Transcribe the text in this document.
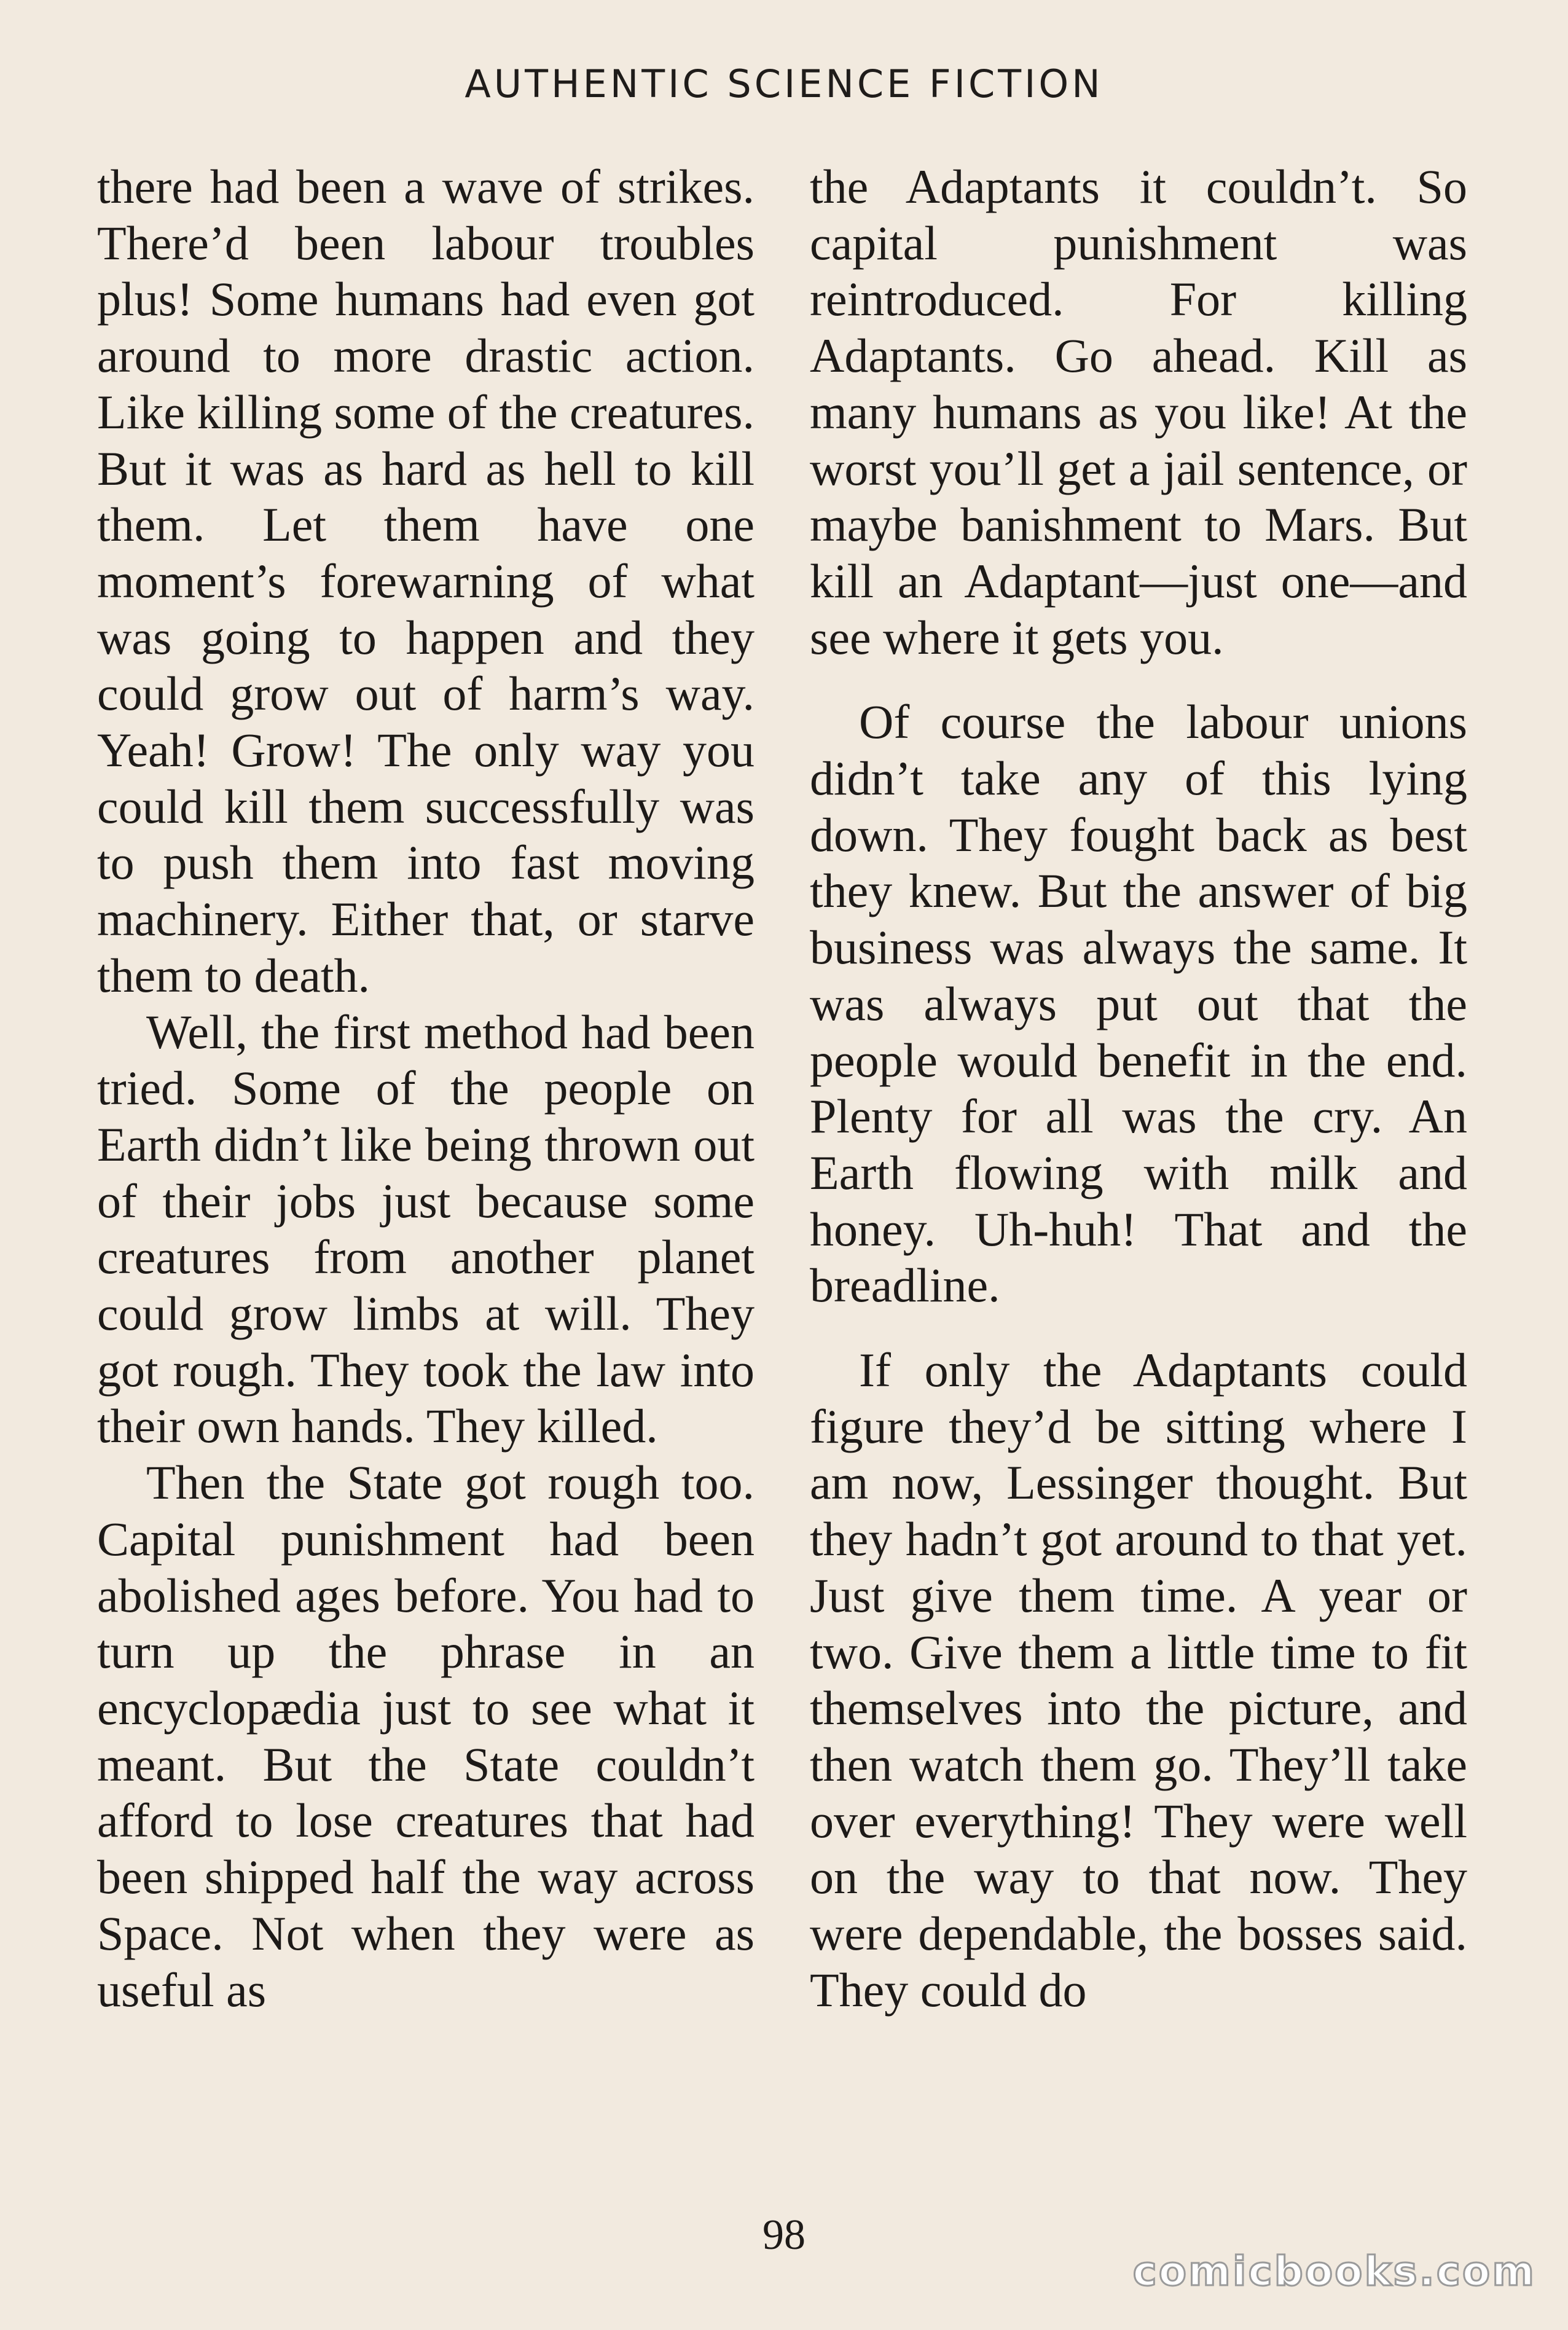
AUTHENTIC SCIENCE FICTION

there had been a wave of strikes. There’d been labour troubles plus! Some humans had even got around to more drastic action. Like killing some of the creatures. But it was as hard as hell to kill them. Let them have one moment’s forewarning of what was going to happen and they could grow out of harm’s way. Yeah! Grow! The only way you could kill them successfully was to push them into fast moving machinery. Either that, or starve them to death.

Well, the first method had been tried. Some of the people on Earth didn’t like being thrown out of their jobs just because some creatures from another planet could grow limbs at will. They got rough. They took the law into their own hands. They killed.

Then the State got rough too. Capital punishment had been abolished ages before. You had to turn up the phrase in an encyclopædia just to see what it meant. But the State couldn’t afford to lose creatures that had been shipped half the way across Space. Not when they were as useful as

the Adaptants it couldn’t. So capital punishment was reintroduced. For killing Adaptants. Go ahead. Kill as many humans as you like! At the worst you’ll get a jail sentence, or maybe banishment to Mars. But kill an Adaptant—just one—and see where it gets you.

Of course the labour unions didn’t take any of this lying down. They fought back as best they knew. But the answer of big business was always the same. It was always put out that the people would benefit in the end. Plenty for all was the cry. An Earth flowing with milk and honey. Uh-huh! That and the breadline.

If only the Adaptants could figure they’d be sitting where I am now, Lessinger thought. But they hadn’t got around to that yet. Just give them time. A year or two. Give them a little time to fit themselves into the picture, and then watch them go. They’ll take over everything! They were well on the way to that now. They were dependable, the bosses said. They could do

98
comicbooks.com
